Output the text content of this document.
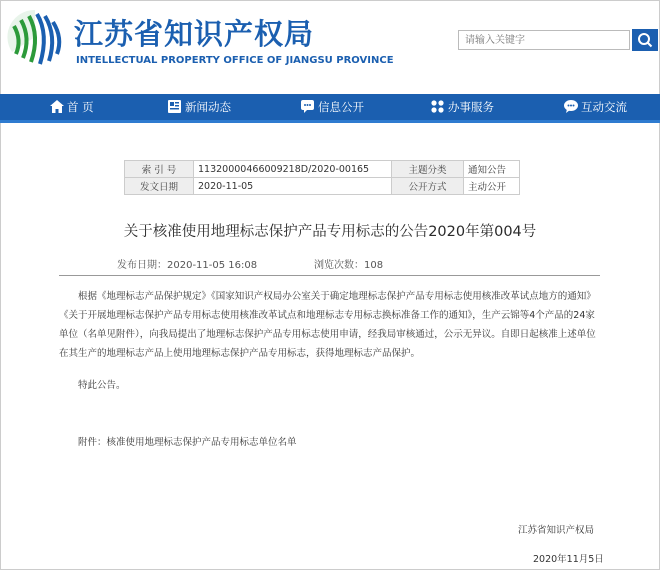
江苏省知识产权局
INTELLECTUAL PROPERTY OFFICE OF JIANGSU PROVINCE
请输入关键字
首 页	新闻动态	信息公开	办事服务	互动交流
索 引 号	11320000466009218D/2020-00165	主题分类	通知公告
发文日期	2020-11-05	公开方式	主动公开
关于核准使用地理标志保护产品专用标志的公告2020年第004号
发布日期：2020-11-05 16:08	浏览次数：108

根据《地理标志产品保护规定》《国家知识产权局办公室关于确定地理标志保护产品专用标志使用核准改革试点地方的通知》《关于开展地理标志保护产品专用标志使用核准改革试点和地理标志专用标志换标准备工作的通知》，生产云锦等4个产品的24家单位（名单见附件），向我局提出了地理标志保护产品专用标志使用申请，经我局审核通过，公示无异议。自即日起核准上述单位在其生产的地理标志产品上使用地理标志保护产品专用标志，获得地理标志产品保护。

特此公告。
附件：核准使用地理标志保护产品专用标志单位名单
江苏省知识产权局
2020年11月5日
